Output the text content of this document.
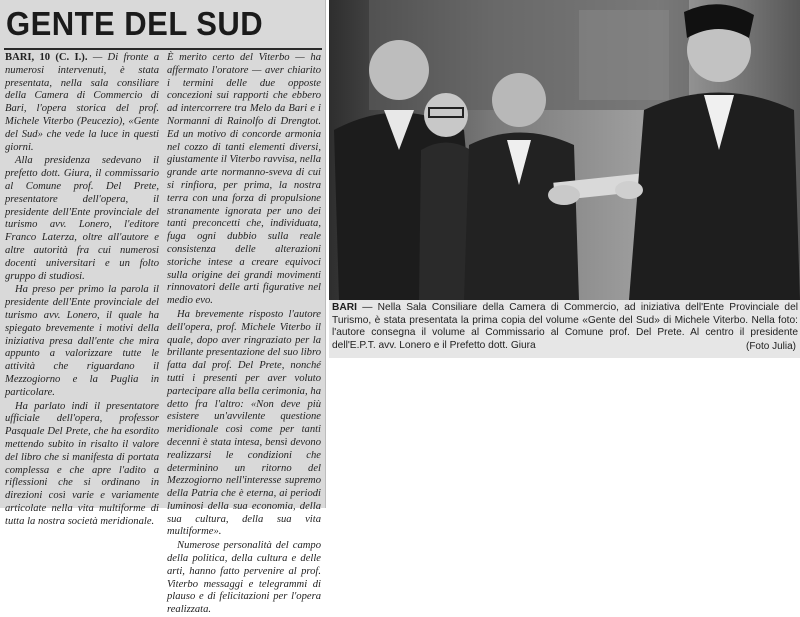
GENTE DEL SUD

BARI, 10 (C. I.). — Di fronte a numerosi intervenuti, è stata presentata, nella sala consiliare della Camera di Commercio di Bari, l'opera storica del prof. Michele Viterbo (Peucezio), «Gente del Sud» che vede la luce in questi giorni.

Alla presidenza sedevano il prefetto dott. Giura, il commissario al Comune prof. Del Prete, presentatore dell'opera, il presidente dell'Ente provinciale del turismo avv. Lonero, l'editore Franco Laterza, oltre all'autore e altre autorità fra cui numerosi docenti universitari e un folto gruppo di studiosi.

Ha preso per primo la parola il presidente dell'Ente provinciale del turismo avv. Lonero, il quale ha spiegato brevemente i motivi della iniziativa presa dall'ente che mira appunto a valorizzare tutte le attività che riguardano il Mezzogiorno e la Puglia in particolare.

Ha parlato indi il presentatore ufficiale dell'opera, professor Pasquale Del Prete, che ha esordito mettendo subito in risalto il valore del libro che si manifesta di portata complessa e che apre l'adito a riflessioni che si ordinano in direzioni così varie e variamente articolate nella vita multiforme di tutta la nostra società meridionale.

È merito certo del Viterbo — ha affermato l'oratore — aver chiarito i termini delle due opposte concezioni sui rapporti che ebbero ad intercorrere tra Melo da Bari e i Normanni di Rainolfo di Drengtot. Ed un motivo di concorde armonia nel cozzo di tanti elementi diversi, giustamente il Viterbo ravvisa, nella grande arte normanno-sveva di cui si rinfiora, per prima, la nostra terra con una forza di propulsione stranamente ignorata per uno dei tanti preconcetti che, individuata, fuga ogni dubbio sulla reale consistenza delle alterazioni storiche intese a creare equivoci sulla origine dei grandi movimenti rinnovatori delle arti figurative nel medio evo.

Ha brevemente risposto l'autore dell'opera, prof. Michele Viterbo il quale, dopo aver ringraziato per la brillante presentazione del suo libro fatta dal prof. Del Prete, nonché tutti i presenti per aver voluto partecipare alla bella cerimonia, ha detto fra l'altro: «Non deve più esistere un'avvilente questione meridionale così come per tanti decenni è stata intesa, bensì devono realizzarsi le condizioni che determinino un ritorno del Mezzogiorno nell'interesse supremo della Patria che è eterna, ai periodi luminosi della sua economia, della sua cultura, della sua vita multiforme».

Numerose personalità del campo della politica, della cultura e delle arti, hanno fatto pervenire al prof. Viterbo messaggi e telegrammi di plauso e di felicitazioni per l'opera realizzata.

BARI — Nella Sala Consiliare della Camera di Commercio, ad iniziativa dell'Ente Provinciale del Turismo, è stata presentata la prima copia del volume «Gente del Sud» di Michele Viterbo. Nella foto: l'autore consegna il volume al Commissario al Comune prof. Del Prete. Al centro il presidente dell'E.P.T. avv. Lonero e il Prefetto dott. Giura	(Foto Julia)
